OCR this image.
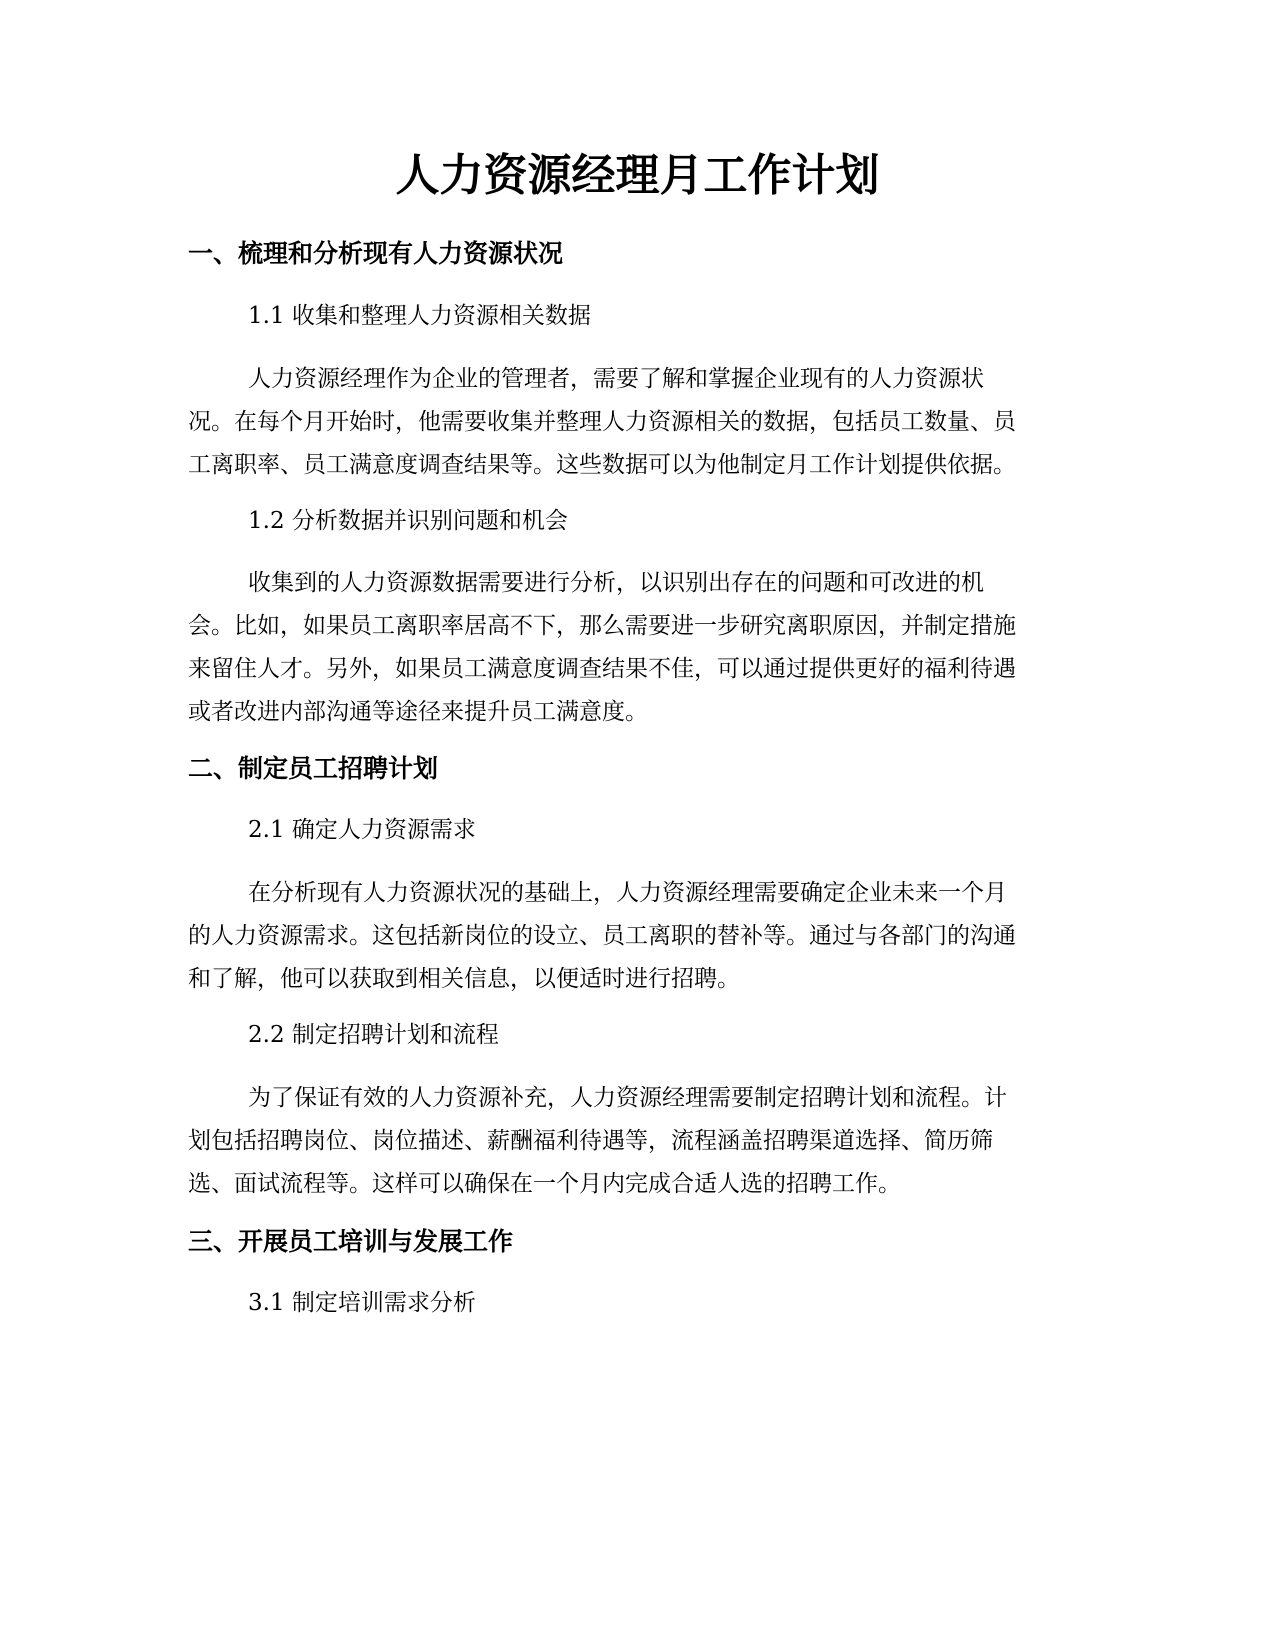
人力资源经理月工作计划
一、梳理和分析现有人力资源状况

1.1 收集和整理人力资源相关数据

人力资源经理作为企业的管理者，需要了解和掌握企业现有的人力资源状
况。在每个月开始时，他需要收集并整理人力资源相关的数据，包括员工数量、员
工离职率、员工满意度调查结果等。这些数据可以为他制定月工作计划提供依据。

1.2 分析数据并识别问题和机会

收集到的人力资源数据需要进行分析，以识别出存在的问题和可改进的机
会。比如，如果员工离职率居高不下，那么需要进一步研究离职原因，并制定措施
来留住人才。另外，如果员工满意度调查结果不佳，可以通过提供更好的福利待遇
或者改进内部沟通等途径来提升员工满意度。
二、制定员工招聘计划

2.1 确定人力资源需求

在分析现有人力资源状况的基础上，人力资源经理需要确定企业未来一个月
的人力资源需求。这包括新岗位的设立、员工离职的替补等。通过与各部门的沟通
和了解，他可以获取到相关信息，以便适时进行招聘。

2.2 制定招聘计划和流程

为了保证有效的人力资源补充，人力资源经理需要制定招聘计划和流程。计
划包括招聘岗位、岗位描述、薪酬福利待遇等，流程涵盖招聘渠道选择、简历筛
选、面试流程等。这样可以确保在一个月内完成合适人选的招聘工作。
三、开展员工培训与发展工作

3.1 制定培训需求分析
